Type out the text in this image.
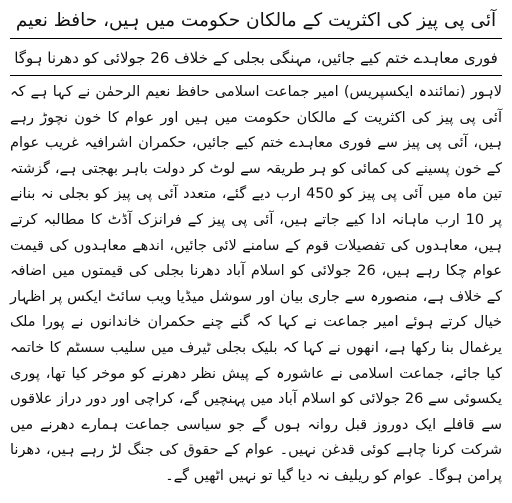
آئی پی پیز کی اکثریت کے مالکان حکومت میں ہیں، حافظ نعیم
فوری معاہدے ختم کیے جائیں، مہنگی بجلی کے خلاف 26 جولائی کو دھرنا ہوگا
لاہور (نمائندہ ایکسپریس) امیر جماعت اسلامی حافظ نعیم الرحمٰن نے کہا ہے کہ آئی پی پیز کی اکثریت کے مالکان حکومت میں ہیں اور عوام کا خون نچوڑ رہے ہیں، آئی پی پیز سے فوری معاہدے ختم کیے جائیں، حکمران اشرافیہ غریب عوام کے خون پسینے کی کمائی کو ہر طریقہ سے لوٹ کر دولت باہر بھجتی ہے، گزشتہ تین ماہ میں آئی پی پیز کو 450 ارب دیے گئے، متعدد آئی پی پیز کو بجلی نہ بنانے پر 10 ارب ماہانہ ادا کیے جاتے ہیں، آئی پی پیز کے فرانزک آڈٹ کا مطالبہ کرتے ہیں، معاہدوں کی تفصیلات قوم کے سامنے لائی جائیں، اندھے معاہدوں کی قیمت عوام چکا رہے ہیں، 26 جولائی کو اسلام آباد دھرنا بجلی کی قیمتوں میں اضافہ کے خلاف ہے، منصورہ سے جاری بیان اور سوشل میڈیا ویب سائٹ ایکس پر اظہار خیال کرتے ہوئے امیر جماعت نے کہا کہ گنے چنے حکمران خاندانوں نے پورا ملک یرغمال بنا رکھا ہے، انھوں نے کہا کہ بلیک بجلی ٹیرف میں سلیب سسٹم کا خاتمہ کیا جائے، جماعت اسلامی نے عاشورہ کے پیش نظر دھرنے کو موخر کیا تھا، پوری یکسوئی سے 26 جولائی کو اسلام آباد میں پہنچیں گے، کراچی اور دور دراز علاقوں سے قافلے ایک دوروز قبل روانہ ہوں گے جو سیاسی جماعت ہمارے دھرنے میں شرکت کرنا چاہے کوئی قدغن نہیں۔ عوام کے حقوق کی جنگ لڑ رہے ہیں، دھرنا پرامن ہوگا۔ عوام کو ریلیف نہ دیا گیا تو نہیں اٹھیں گے۔
